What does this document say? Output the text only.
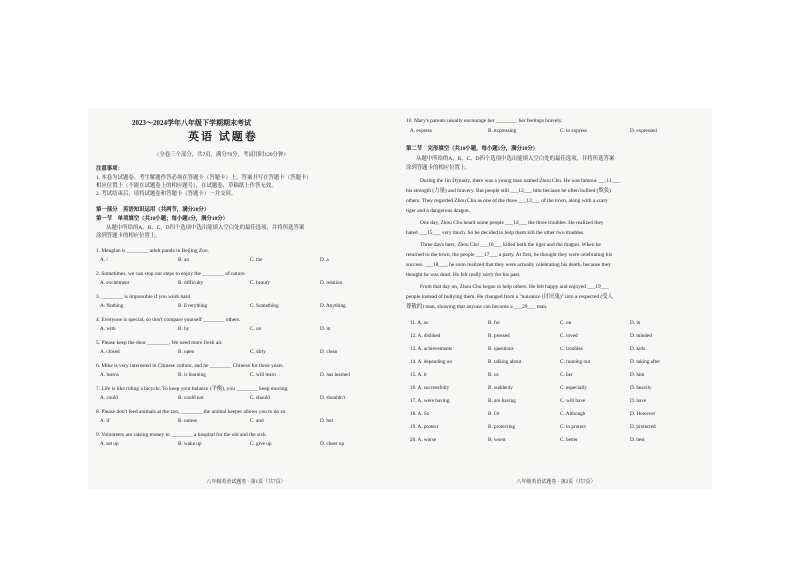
2023～2024学年八年级下学期期末考试
英语 试题卷
（全卷三个部分，共7页，满分70分，考试用时120分钟）
注意事项：
1. 本卷为试题卷。考生解题作答必须在答题卡（答题卡）上，答案书写在答题卡（答题卡）
相应位置上（不能在试题卷上的相应题号），在试题卷、草稿纸上作答无效。
2. 考试结束后，请将试题卷和答题卡（答题卡）一并交回。
第一部分　英语知识运用（共两节，满分20分）
第一节　单项填空（共10小题；每小题1分，满分10分）
从题中所给的A、B、C、D四个选项中选出能填入空白处的最佳选项，并将所选答案
涂到答题卡的相应位置上。
1. Menglan is ________ adult panda in Beijing Zoo.
A. /	B. an	C. the	D. a
2. Sometimes, we can stop our steps to enjoy the ________ of nature.
A. excitement	B. difficulty	C. beauty	D. relation
3. ________ is impossible if you work hard.
A. Nothing	B. Everything	C. Something	D. Anything
4. Everyone is special, so don't compare yourself ________ others.
A. with	B. by	C. on	D. in
5. Please keep the door ________. We need more fresh air.
A. closed	B. open	C. dirty	D. clean
6. Mike is very interested in Chinese culture, and he ________ Chinese for three years.
A. learns	B. is learning	C. will learn	D. has learned
7. Life is like riding a bicycle. To keep your balance (平衡), you ________ keep moving.
A. could	B. could not	C. should	D. shouldn't
8. Please don't feed animals at the zoo, ________ the animal keeper allows you to do so.
A. if	B. unless	C. and	D. but
9. Volunteers are raising money to ________ a hospital for the old and the sick.
A. set up	B. wake up	C. give up	D. cheer up
八年级英语试题卷 · 第1页（共7页）
10. Mary's parents usually encourage her ________ her feelings bravely.
A. express	B. expressing	C. to express	D. expressed
第二节　完形填空（共10小题，每小题1分，满分10分）
从题中所给的A、B、C、D四个选项中选出能填入空白处的最佳选项，并将所选答案
涂到答题卡的相应位置上。
During the Jin Dynasty, there was a young man named Zhou Chu. He was famous ___11___
his strength (力量) and bravery. But people still ___12___ him because he often bullied (欺负)
others. They regarded Zhou Chu as one of the three ___13___ of the town, along with a scary
tiger and a dangerous dragon.
One day, Zhou Chu heard some people ___14___ the three troubles. He realized they
hated ___15___ very much. So he decided to help them kill the other two troubles.
Three days later, Zhou Chu ___16___ killed both the tiger and the dragon. When he
returned to the town, the people ___17___ a party. At first, he thought they were celebrating his
success. ___18___, he soon realized that they were actually celebrating his death, because they
thought he was dead. He felt really sorry for his past.
From that day on, Zhou Chu began to help others. He felt happy and enjoyed ___19___
people instead of bullying them. He changed from a "nuisance (讨厌鬼)" into a respected (受人
尊敬的) man, showing that anyone can become a ___20___ man.
11. A. as	B. for	C. on	D. in
12. A. disliked	B. pressed	C. loved	D. minded
13. A. achievements	B. questions	C. troubles	D. kids
14. A. depending on	B. talking about	C. running out	D. taking after
15. A. it	B. us	C. her	D. him
16. A. successfully	B. suddenly	C. especially	D. heavily
17. A. were having	B. are having	C. will have	D. have
18. A. So	B. Or	C. Although	D. However
19. A. protect	B. protecting	C. to protect	D. protected
20. A. worse	B. worst	C. better	D. best
八年级英语试题卷 · 第2页（共7页）
